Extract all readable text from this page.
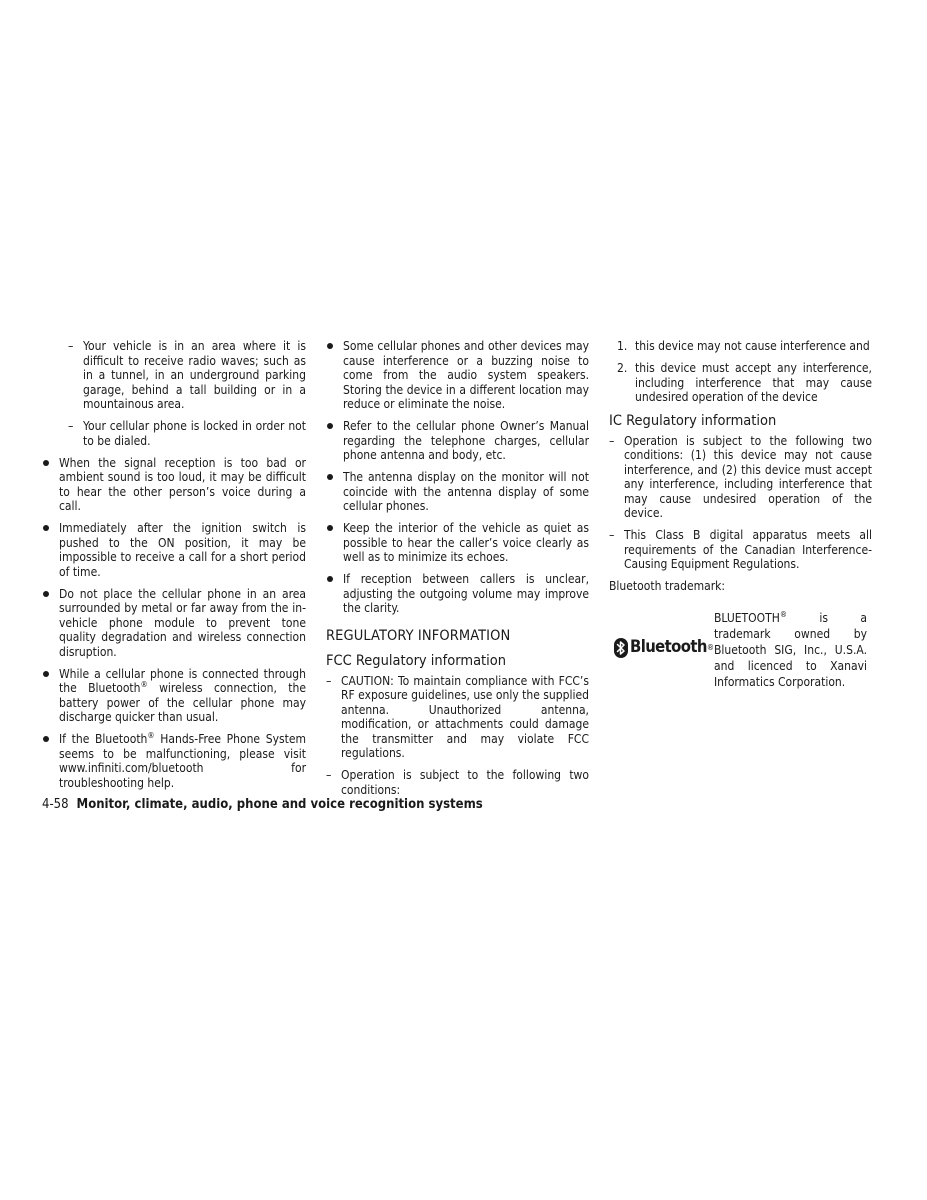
– Your vehicle is in an area where it is difficult to receive radio waves; such as in a tunnel, in an underground parking garage, behind a tall building or in a mountainous area.
– Your cellular phone is locked in order not to be dialed.
When the signal reception is too bad or ambient sound is too loud, it may be difficult to hear the other person’s voice during a call.
Immediately after the ignition switch is pushed to the ON position, it may be impossible to receive a call for a short period of time.
Do not place the cellular phone in an area surrounded by metal or far away from the in-vehicle phone module to prevent tone quality degradation and wireless connection disruption.
While a cellular phone is connected through the Bluetooth® wireless connection, the battery power of the cellular phone may discharge quicker than usual.
If the Bluetooth® Hands-Free Phone System seems to be malfunctioning, please visit www.infiniti.com/bluetooth for troubleshooting help.
Some cellular phones and other devices may cause interference or a buzzing noise to come from the audio system speakers. Storing the device in a different location may reduce or eliminate the noise.
Refer to the cellular phone Owner’s Manual regarding the telephone charges, cellular phone antenna and body, etc.
The antenna display on the monitor will not coincide with the antenna display of some cellular phones.
Keep the interior of the vehicle as quiet as possible to hear the caller’s voice clearly as well as to minimize its echoes.
If reception between callers is unclear, adjusting the outgoing volume may improve the clarity.
REGULATORY INFORMATION
FCC Regulatory information
– CAUTION: To maintain compliance with FCC’s RF exposure guidelines, use only the supplied antenna. Unauthorized antenna, modification, or attachments could damage the transmitter and may violate FCC regulations.
– Operation is subject to the following two conditions:
1. this device may not cause interference and
2. this device must accept any interference, including interference that may cause undesired operation of the device
IC Regulatory information
– Operation is subject to the following two conditions: (1) this device may not cause interference, and (2) this device must accept any interference, including interference that may cause undesired operation of the device.
– This Class B digital apparatus meets all requirements of the Canadian Interference-Causing Equipment Regulations.
Bluetooth trademark:
Bluetooth ®
BLUETOOTH® is a trademark owned by Bluetooth SIG, Inc., U.S.A. and licenced to Xanavi Informatics Corporation.
4-58 Monitor, climate, audio, phone and voice recognition systems
